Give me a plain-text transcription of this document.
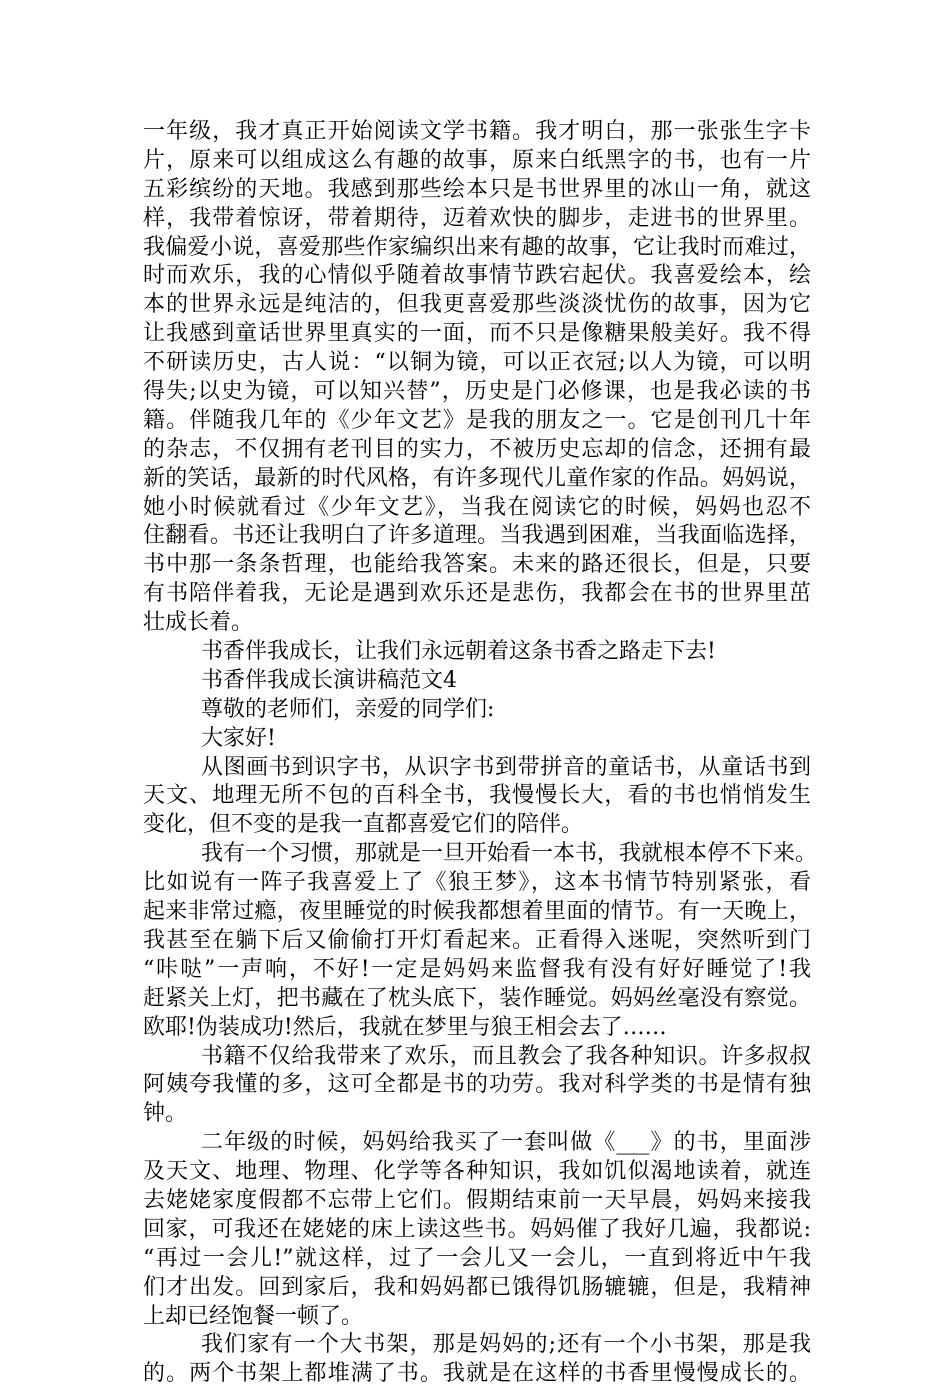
一年级，我才真正开始阅读文学书籍。我才明白，那一张张生字卡
片，原来可以组成这么有趣的故事，原来白纸黑字的书，也有一片
五彩缤纷的天地。我感到那些绘本只是书世界里的冰山一角，就这
样，我带着惊讶，带着期待，迈着欢快的脚步，走进书的世界里。
我偏爱小说，喜爱那些作家编织出来有趣的故事，它让我时而难过，
时而欢乐，我的心情似乎随着故事情节跌宕起伏。我喜爱绘本，绘
本的世界永远是纯洁的，但我更喜爱那些淡淡忧伤的故事，因为它
让我感到童话世界里真实的一面，而不只是像糖果般美好。我不得
不研读历史，古人说：“以铜为镜，可以正衣冠;以人为镜，可以明
得失;以史为镜，可以知兴替”，历史是门必修课，也是我必读的书
籍。伴随我几年的《少年文艺》是我的朋友之一。它是创刊几十年
的杂志，不仅拥有老刊目的实力，不被历史忘却的信念，还拥有最
新的笑话，最新的时代风格，有许多现代儿童作家的作品。妈妈说，
她小时候就看过《少年文艺》，当我在阅读它的时候，妈妈也忍不
住翻看。书还让我明白了许多道理。当我遇到困难，当我面临选择，
书中那一条条哲理，也能给我答案。未来的路还很长，但是，只要
有书陪伴着我，无论是遇到欢乐还是悲伤，我都会在书的世界里茁
壮成长着。
书香伴我成长，让我们永远朝着这条书香之路走下去!
书香伴我成长演讲稿范文4
尊敬的老师们，亲爱的同学们:
大家好!
从图画书到识字书，从识字书到带拼音的童话书，从童话书到
天文、地理无所不包的百科全书，我慢慢长大，看的书也悄悄发生
变化，但不变的是我一直都喜爱它们的陪伴。
我有一个习惯，那就是一旦开始看一本书，我就根本停不下来。
比如说有一阵子我喜爱上了《狼王梦》，这本书情节特别紧张，看
起来非常过瘾，夜里睡觉的时候我都想着里面的情节。有一天晚上，
我甚至在躺下后又偷偷打开灯看起来。正看得入迷呢，突然听到门
“咔哒”一声响，不好!一定是妈妈来监督我有没有好好睡觉了!我
赶紧关上灯，把书藏在了枕头底下，装作睡觉。妈妈丝毫没有察觉。
欧耶!伪装成功!然后，我就在梦里与狼王相会去了……
书籍不仅给我带来了欢乐，而且教会了我各种知识。许多叔叔
阿姨夸我懂的多，这可全都是书的功劳。我对科学类的书是情有独
钟。
二年级的时候，妈妈给我买了一套叫做《___》的书，里面涉
及天文、地理、物理、化学等各种知识，我如饥似渴地读着，就连
去姥姥家度假都不忘带上它们。假期结束前一天早晨，妈妈来接我
回家，可我还在姥姥的床上读这些书。妈妈催了我好几遍，我都说:
“再过一会儿!”就这样，过了一会儿又一会儿，一直到将近中午我
们才出发。回到家后，我和妈妈都已饿得饥肠辘辘，但是，我精神
上却已经饱餐一顿了。
我们家有一个大书架，那是妈妈的;还有一个小书架，那是我
的。两个书架上都堆满了书。我就是在这样的书香里慢慢成长的。
